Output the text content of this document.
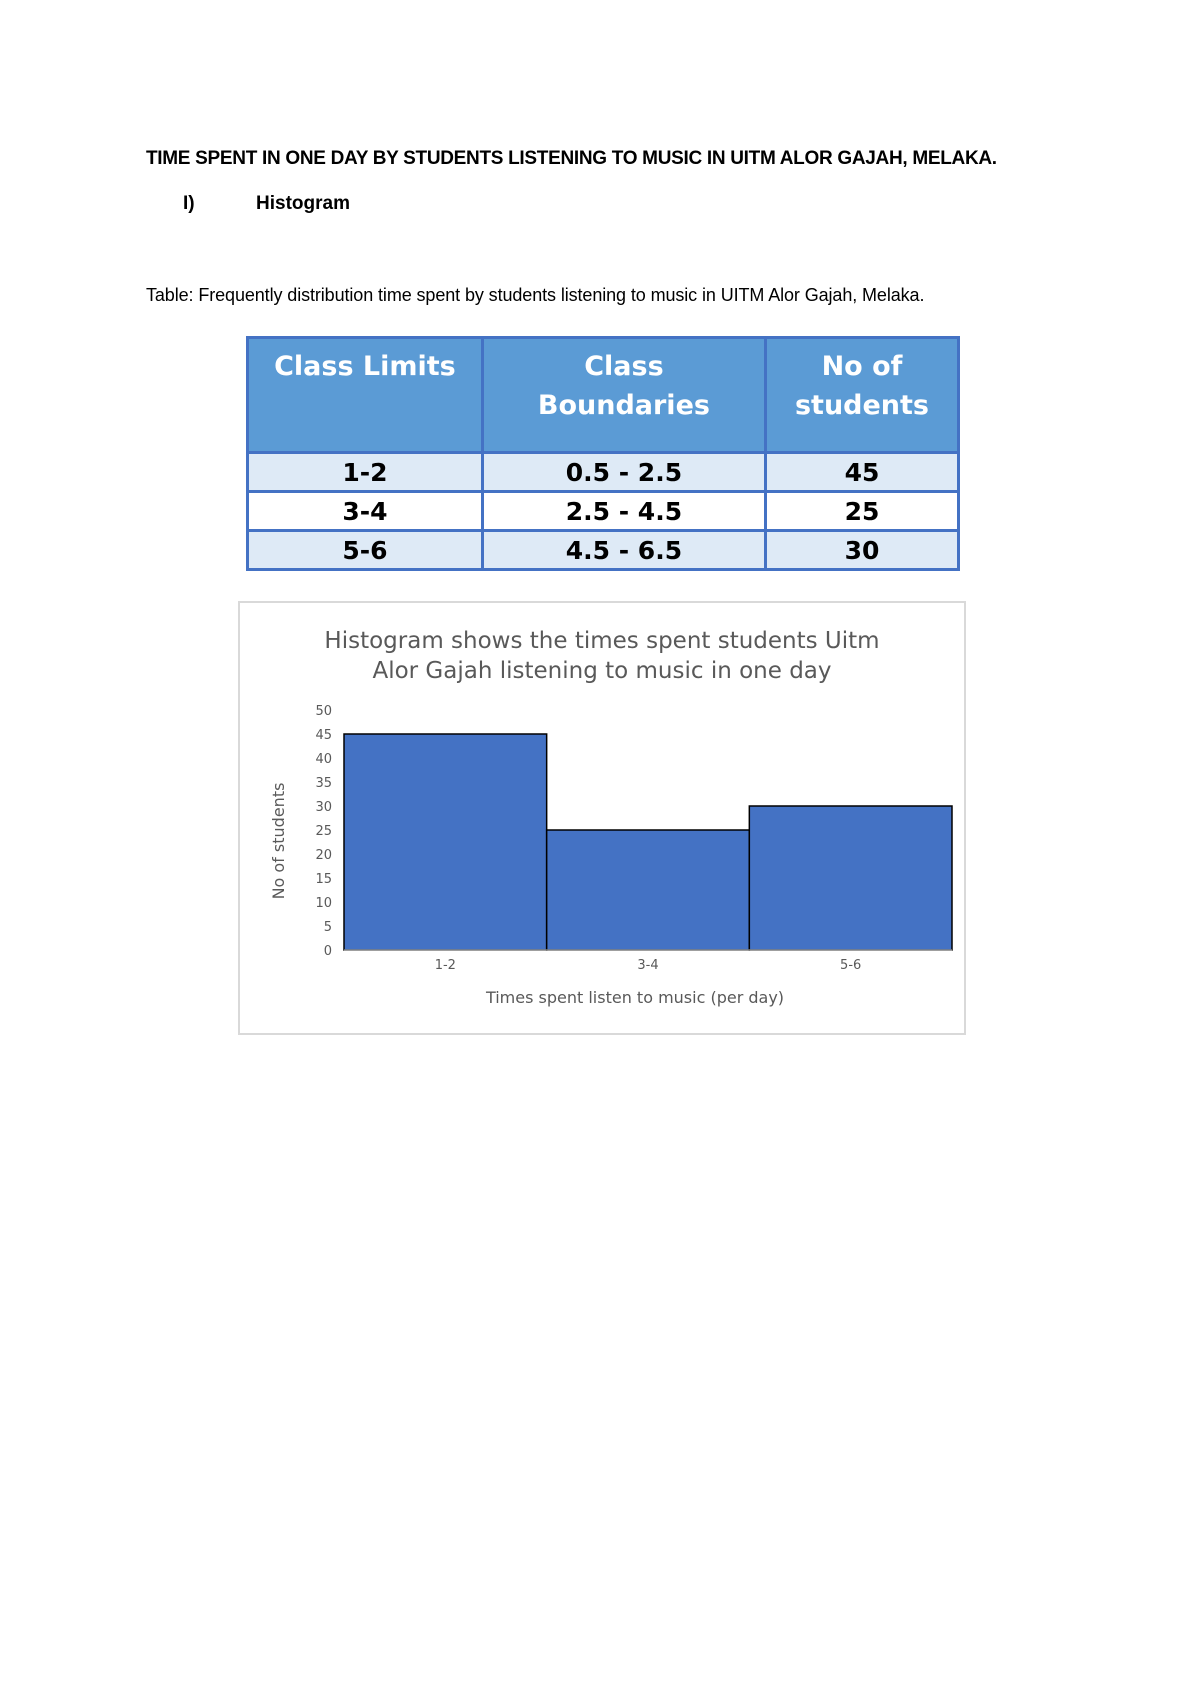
TIME SPENT IN ONE DAY BY STUDENTS LISTENING TO MUSIC IN UITM ALOR GAJAH, MELAKA.
I)	Histogram
Table: Frequently distribution time spent by students listening to music in UITM Alor Gajah, Melaka.
Class Limits	Class Boundaries	No of students
1-2	0.5 - 2.5	45
3-4	2.5 - 4.5	25
5-6	4.5 - 6.5	30
Histogram shows the times spent students Uitm
Alor Gajah listening to music in one day
0
5
10
15
20
25
30
35
40
45
50
1-2	3-4	5-6
Times spent listen to music (per day)
No of students
